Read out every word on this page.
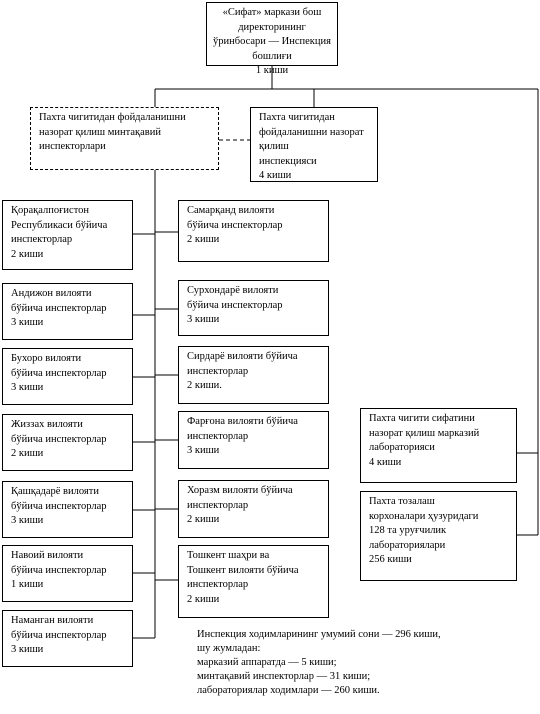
«Сифат» маркази бош директорининг
ўринбосари — Инспекция бошлиғи
1 киши
Пахта чигитидан фойдаланишни
назорат қилиш минтақавий
инспекторлари
Пахта чигитидан
фойдаланишни назорат қилиш
инспекцияси
4 киши
Қорақалпоғистон
Республикаси бўйича
инспекторлар
2 киши
Андижон вилояти
бўйича инспекторлар
3 киши
Бухоро вилояти
бўйича инспекторлар
3 киши
Жиззах вилояти
бўйича инспекторлар
2 киши
Қашқадарё вилояти
бўйича инспекторлар
3 киши
Навоий вилояти
бўйича инспекторлар
1 киши
Наманган вилояти
бўйича инспекторлар
3 киши
Самарқанд вилояти
бўйича инспекторлар
2 киши
Сурхондарё вилояти
бўйича инспекторлар
3 киши
Сирдарё вилояти бўйича
инспекторлар
2 киши.
Фарғона вилояти бўйича
инспекторлар
3 киши
Хоразм вилояти бўйича
инспекторлар
2 киши
Тошкент шаҳри ва
Тошкент вилояти бўйича
инспекторлар
2 киши
Пахта чигити сифатини
назорат қилиш марказий
лабораторияси
4 киши
Пахта тозалаш
корхоналари ҳузуридаги
128 та уруғчилик
лабораториялари
256 киши
Инспекция ходимларининг умумий сони — 296 киши,
шу жумладан:
марказий аппаратда — 5 киши;
минтақавий инспекторлар — 31 киши;
лабораториялар ходимлари — 260 киши.
